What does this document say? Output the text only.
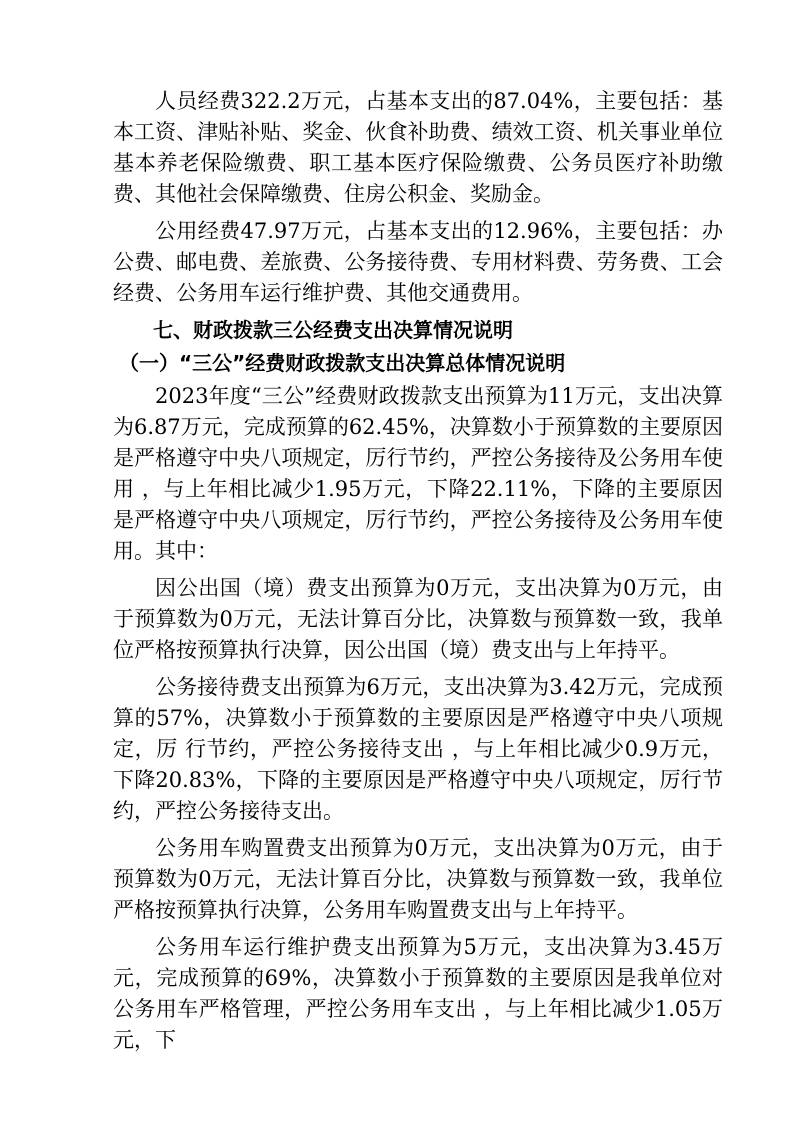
人员经费322.2万元，占基本支出的87.04%，主要包括：基本工资、津贴补贴、奖金、伙食补助费、绩效工资、机关事业单位基本养老保险缴费、职工基本医疗保险缴费、公务员医疗补助缴费、其他社会保障缴费、住房公积金、奖励金。

公用经费47.97万元，占基本支出的12.96%，主要包括：办公费、邮电费、差旅费、公务接待费、专用材料费、劳务费、工会经费、公务用车运行维护费、其他交通费用。

七、财政拨款三公经费支出决算情况说明
（一）“三公”经费财政拨款支出决算总体情况说明

2023年度“三公”经费财政拨款支出预算为11万元，支出决算为6.87万元，完成预算的62.45%，决算数小于预算数的主要原因是严格遵守中央八项规定，厉行节约，严控公务接待及公务用车使用 ，与上年相比减少1.95万元，下降22.11%，下降的主要原因是严格遵守中央八项规定，厉行节约，严控公务接待及公务用车使用。其中：

因公出国（境）费支出预算为0万元，支出决算为0万元，由于预算数为0万元，无法计算百分比，决算数与预算数一致，我单位严格按预算执行决算，因公出国（境）费支出与上年持平。

公务接待费支出预算为6万元，支出决算为3.42万元，完成预算的57%，决算数小于预算数的主要原因是严格遵守中央八项规定，厉 行节约，严控公务接待支出 ，与上年相比减少0.9万元，下降20.83%，下降的主要原因是严格遵守中央八项规定，厉行节约，严控公务接待支出。

公务用车购置费支出预算为0万元，支出决算为0万元，由于预算数为0万元，无法计算百分比，决算数与预算数一致，我单位严格按预算执行决算，公务用车购置费支出与上年持平。

公务用车运行维护费支出预算为5万元，支出决算为3.45万元，完成预算的69%，决算数小于预算数的主要原因是我单位对公务用车严格管理，严控公务用车支出 ，与上年相比减少1.05万元，下
